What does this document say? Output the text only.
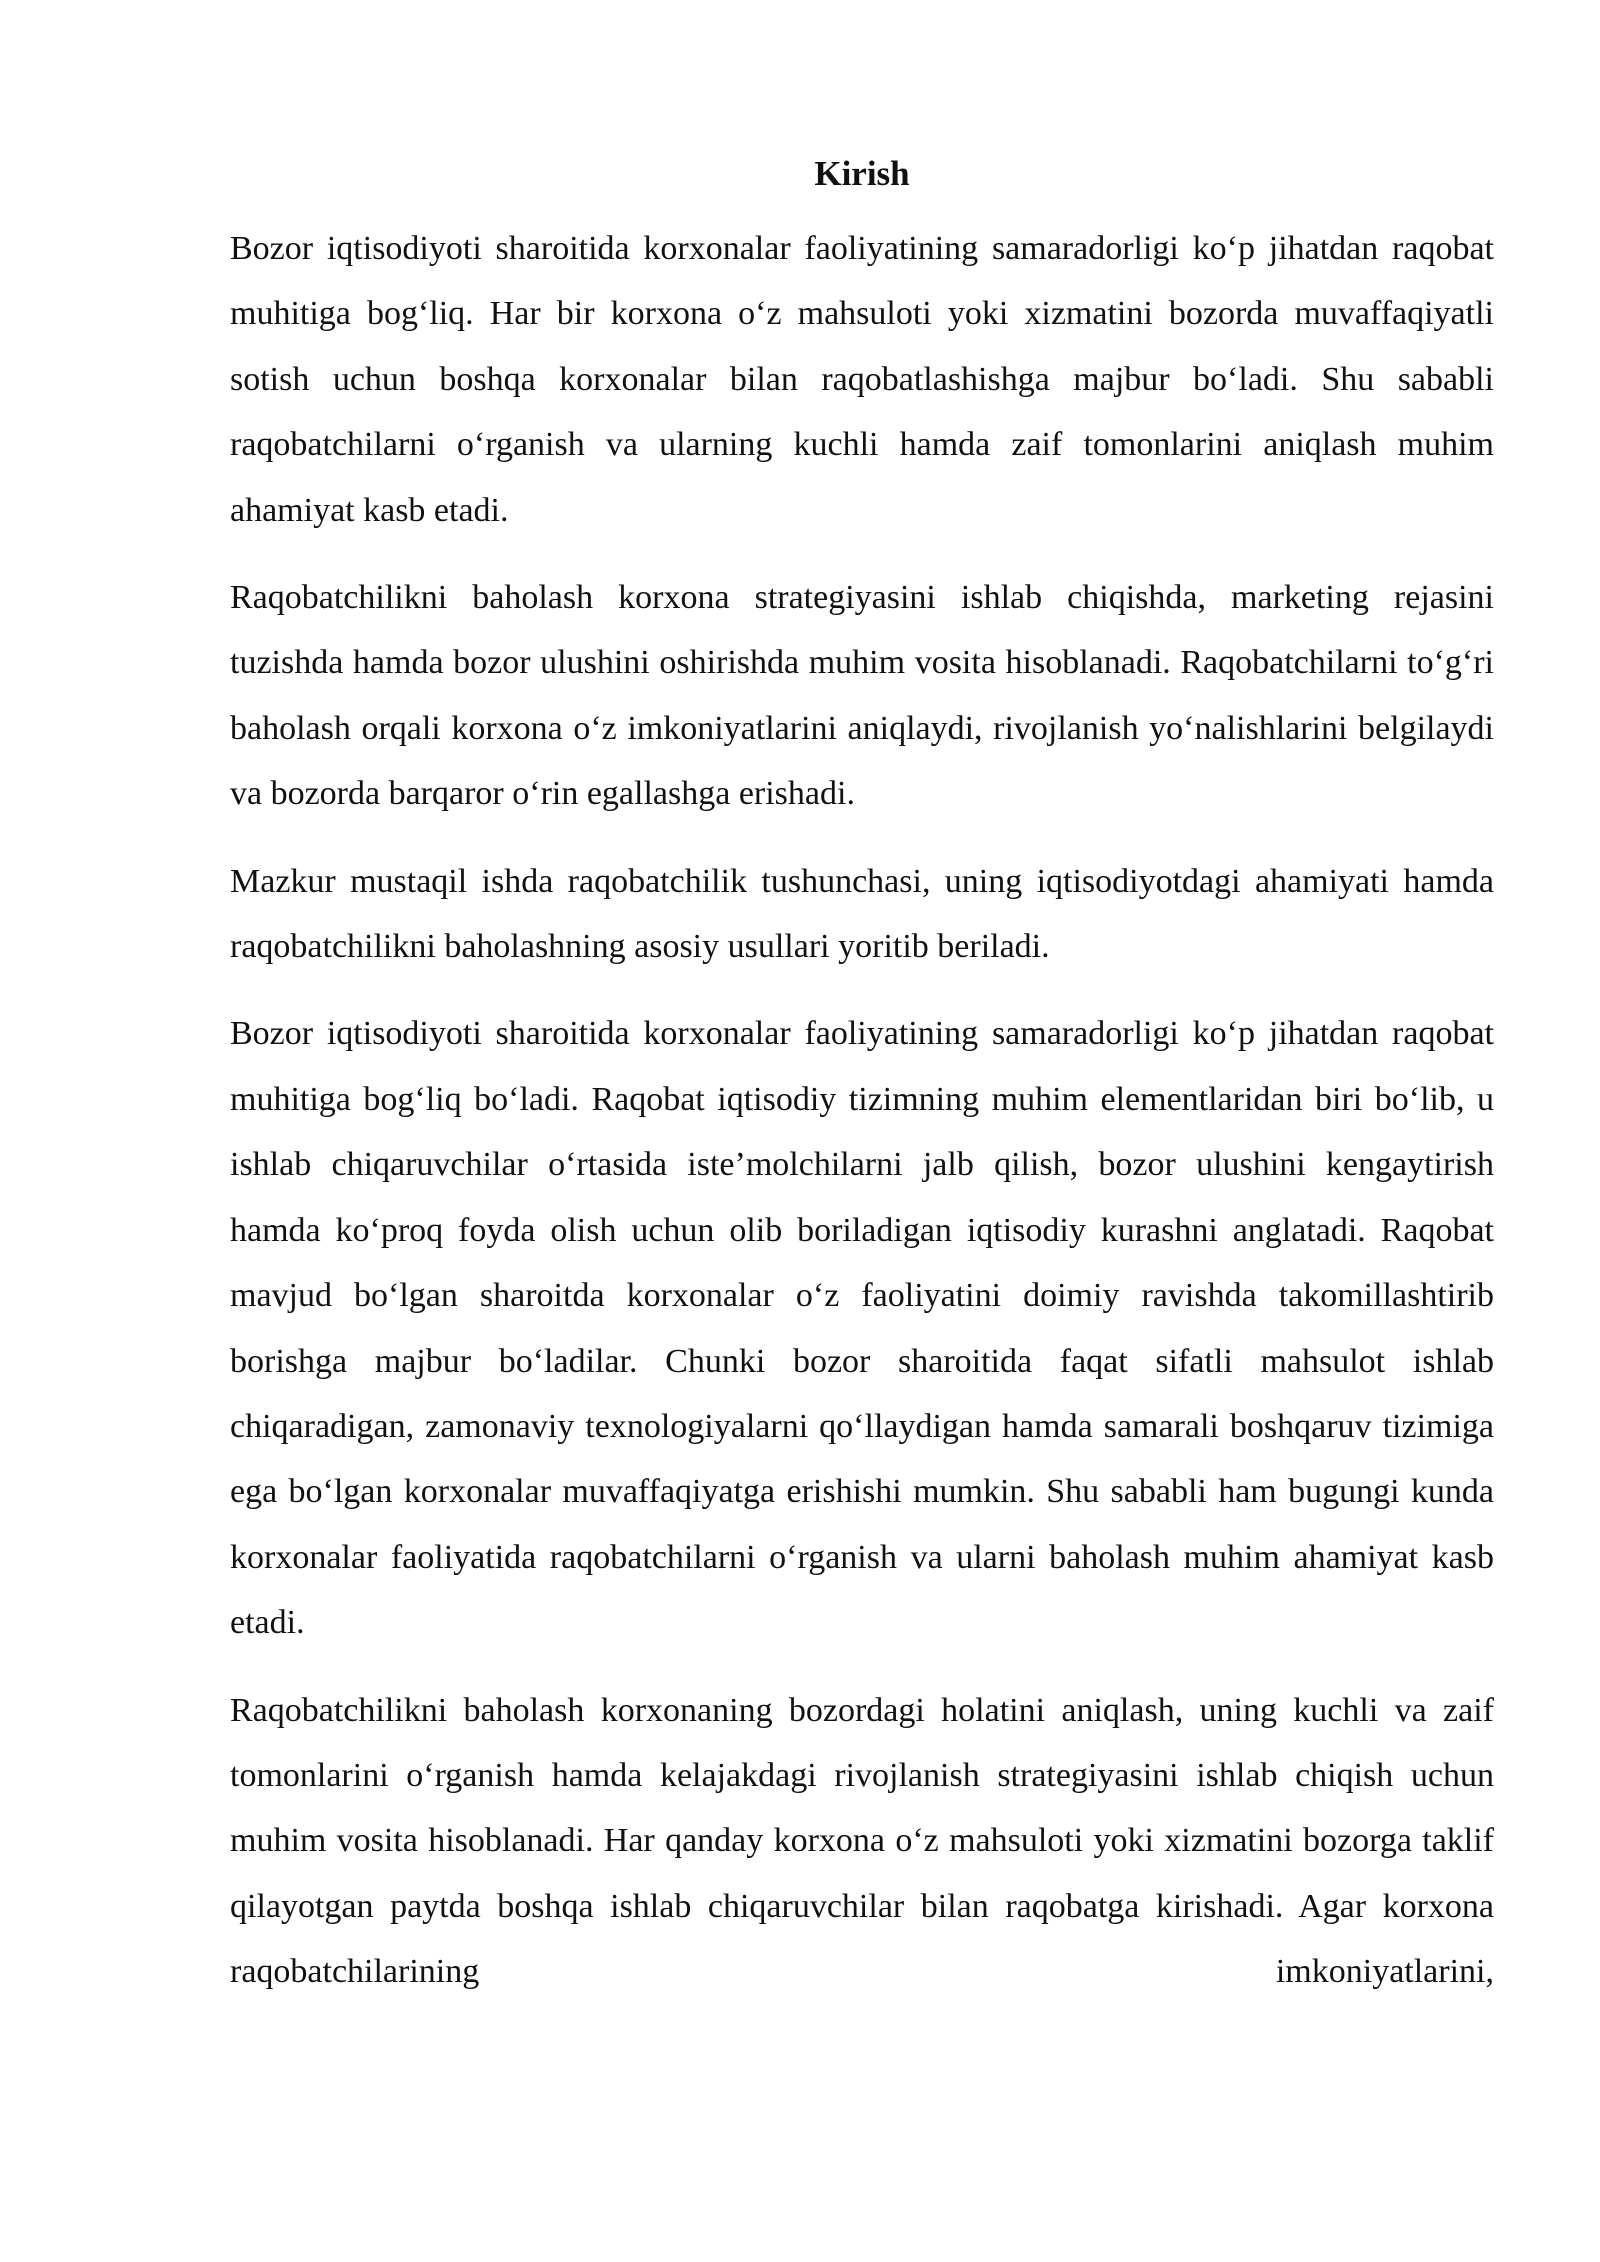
Kirish

Bozor iqtisodiyoti sharoitida korxonalar faoliyatining samaradorligi ko‘p jihatdan raqobat muhitiga bog‘liq. Har bir korxona o‘z mahsuloti yoki xizmatini bozorda muvaffaqiyatli sotish uchun boshqa korxonalar bilan raqobatlashishga majbur bo‘ladi. Shu sababli raqobatchilarni o‘rganish va ularning kuchli hamda zaif tomonlarini aniqlash muhim ahamiyat kasb etadi.

Raqobatchilikni baholash korxona strategiyasini ishlab chiqishda, marketing rejasini tuzishda hamda bozor ulushini oshirishda muhim vosita hisoblanadi. Raqobatchilarni to‘g‘ri baholash orqali korxona o‘z imkoniyatlarini aniqlaydi, rivojlanish yo‘nalishlarini belgilaydi va bozorda barqaror o‘rin egallashga erishadi.

Mazkur mustaqil ishda raqobatchilik tushunchasi, uning iqtisodiyotdagi ahamiyati hamda raqobatchilikni baholashning asosiy usullari yoritib beriladi.

Bozor iqtisodiyoti sharoitida korxonalar faoliyatining samaradorligi ko‘p jihatdan raqobat muhitiga bog‘liq bo‘ladi. Raqobat iqtisodiy tizimning muhim elementlaridan biri bo‘lib, u ishlab chiqaruvchilar o‘rtasida iste’molchilarni jalb qilish, bozor ulushini kengaytirish hamda ko‘proq foyda olish uchun olib boriladigan iqtisodiy kurashni anglatadi. Raqobat mavjud bo‘lgan sharoitda korxonalar o‘z faoliyatini doimiy ravishda takomillashtirib borishga majbur bo‘ladilar. Chunki bozor sharoitida faqat sifatli mahsulot ishlab chiqaradigan, zamonaviy texnologiyalarni qo‘llaydigan hamda samarali boshqaruv tizimiga ega bo‘lgan korxonalar muvaffaqiyatga erishishi mumkin. Shu sababli ham bugungi kunda korxonalar faoliyatida raqobatchilarni o‘rganish va ularni baholash muhim ahamiyat kasb etadi.

Raqobatchilikni baholash korxonaning bozordagi holatini aniqlash, uning kuchli va zaif tomonlarini o‘rganish hamda kelajakdagi rivojlanish strategiyasini ishlab chiqish uchun muhim vosita hisoblanadi. Har qanday korxona o‘z mahsuloti yoki xizmatini bozorga taklif qilayotgan paytda boshqa ishlab chiqaruvchilar bilan raqobatga kirishadi. Agar korxona raqobatchilarining imkoniyatlarini,
